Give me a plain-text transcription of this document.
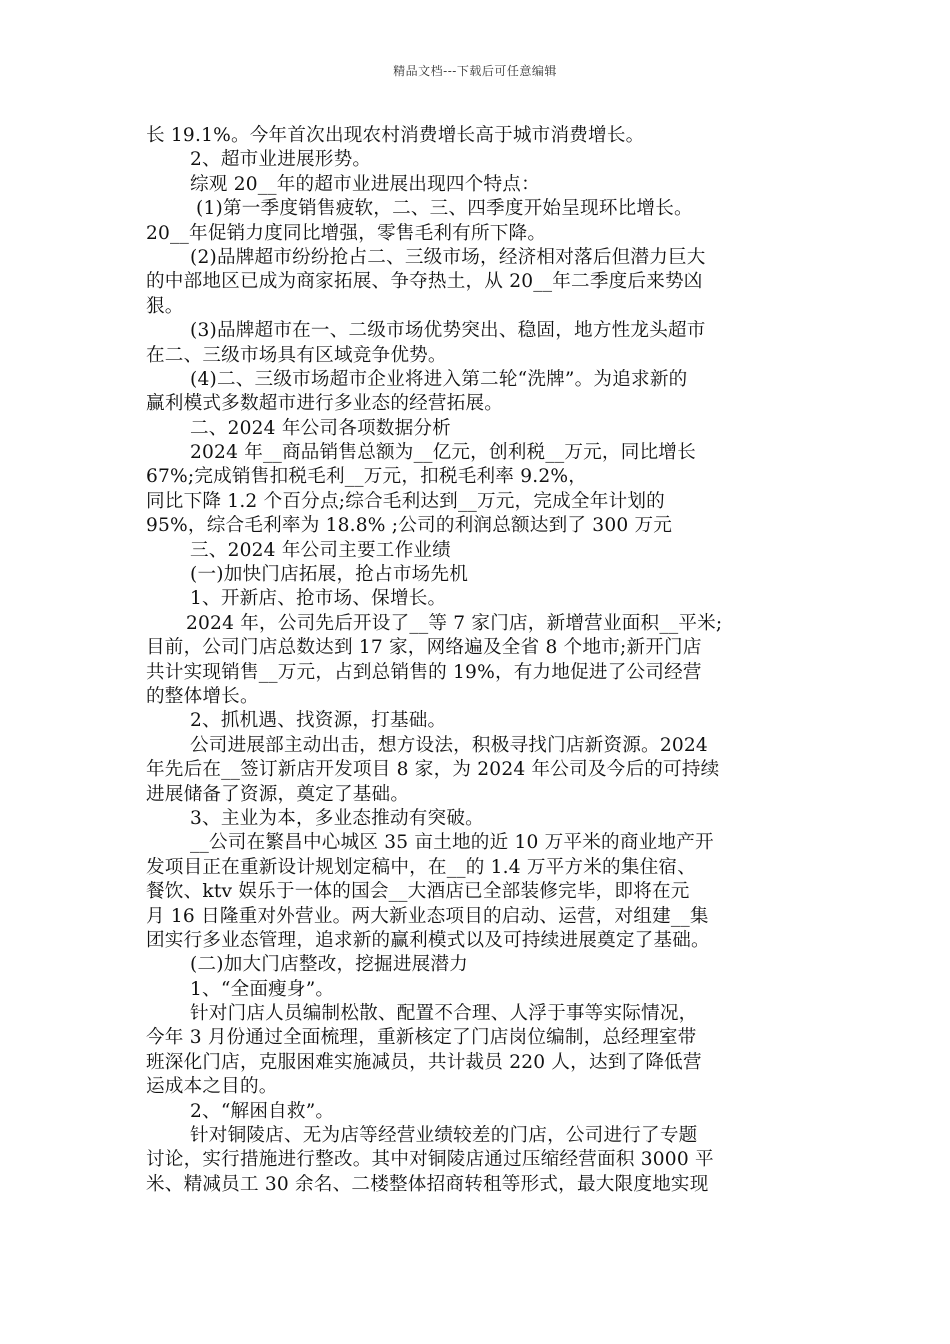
精品文档---下载后可任意编辑
长 19.1%。今年首次出现农村消费增长高于城市消费增长。
2、超市业进展形势。
综观 20__年的超市业进展出现四个特点：
(1)第一季度销售疲软，二、三、四季度开始呈现环比增长。
20__年促销力度同比增强，零售毛利有所下降。
(2)品牌超市纷纷抢占二、三级市场，经济相对落后但潜力巨大
的中部地区已成为商家拓展、争夺热土，从 20__年二季度后来势凶
狠。
(3)品牌超市在一、二级市场优势突出、稳固，地方性龙头超市
在二、三级市场具有区域竞争优势。
(4)二、三级市场超市企业将进入第二轮“洗牌”。为追求新的
赢利模式多数超市进行多业态的经营拓展。
二、2024 年公司各项数据分析
2024 年__商品销售总额为__亿元，创利税__万元，同比增长
67%;完成销售扣税毛利__万元，扣税毛利率 9.2%，
同比下降 1.2 个百分点;综合毛利达到__万元，完成全年计划的
95%，综合毛利率为 18.8% ;公司的利润总额达到了 300 万元
三、2024 年公司主要工作业绩
(一)加快门店拓展，抢占市场先机
1、开新店、抢市场、保增长。
2024 年，公司先后开设了__等 7 家门店，新增营业面积__平米;
目前，公司门店总数达到 17 家，网络遍及全省 8 个地市;新开门店
共计实现销售__万元，占到总销售的 19%，有力地促进了公司经营
的整体增长。
2、抓机遇、找资源，打基础。
公司进展部主动出击，想方设法，积极寻找门店新资源。2024
年先后在__签订新店开发项目 8 家，为 2024 年公司及今后的可持续
进展储备了资源，奠定了基础。
3、主业为本，多业态推动有突破。
__公司在繁昌中心城区 35 亩土地的近 10 万平米的商业地产开
发项目正在重新设计规划定稿中，在__的 1.4 万平方米的集住宿、
餐饮、ktv 娱乐于一体的国会__大酒店已全部装修完毕，即将在元
月 16 日隆重对外营业。两大新业态项目的启动、运营，对组建__集
团实行多业态管理，追求新的赢利模式以及可持续进展奠定了基础。
(二)加大门店整改，挖掘进展潜力
1、“全面瘦身”。
针对门店人员编制松散、配置不合理、人浮于事等实际情况，
今年 3 月份通过全面梳理，重新核定了门店岗位编制，总经理室带
班深化门店，克服困难实施减员，共计裁员 220 人，达到了降低营
运成本之目的。
2、“解困自救”。
针对铜陵店、无为店等经营业绩较差的门店，公司进行了专题
讨论，实行措施进行整改。其中对铜陵店通过压缩经营面积 3000 平
米、精减员工 30 余名、二楼整体招商转租等形式，最大限度地实现
